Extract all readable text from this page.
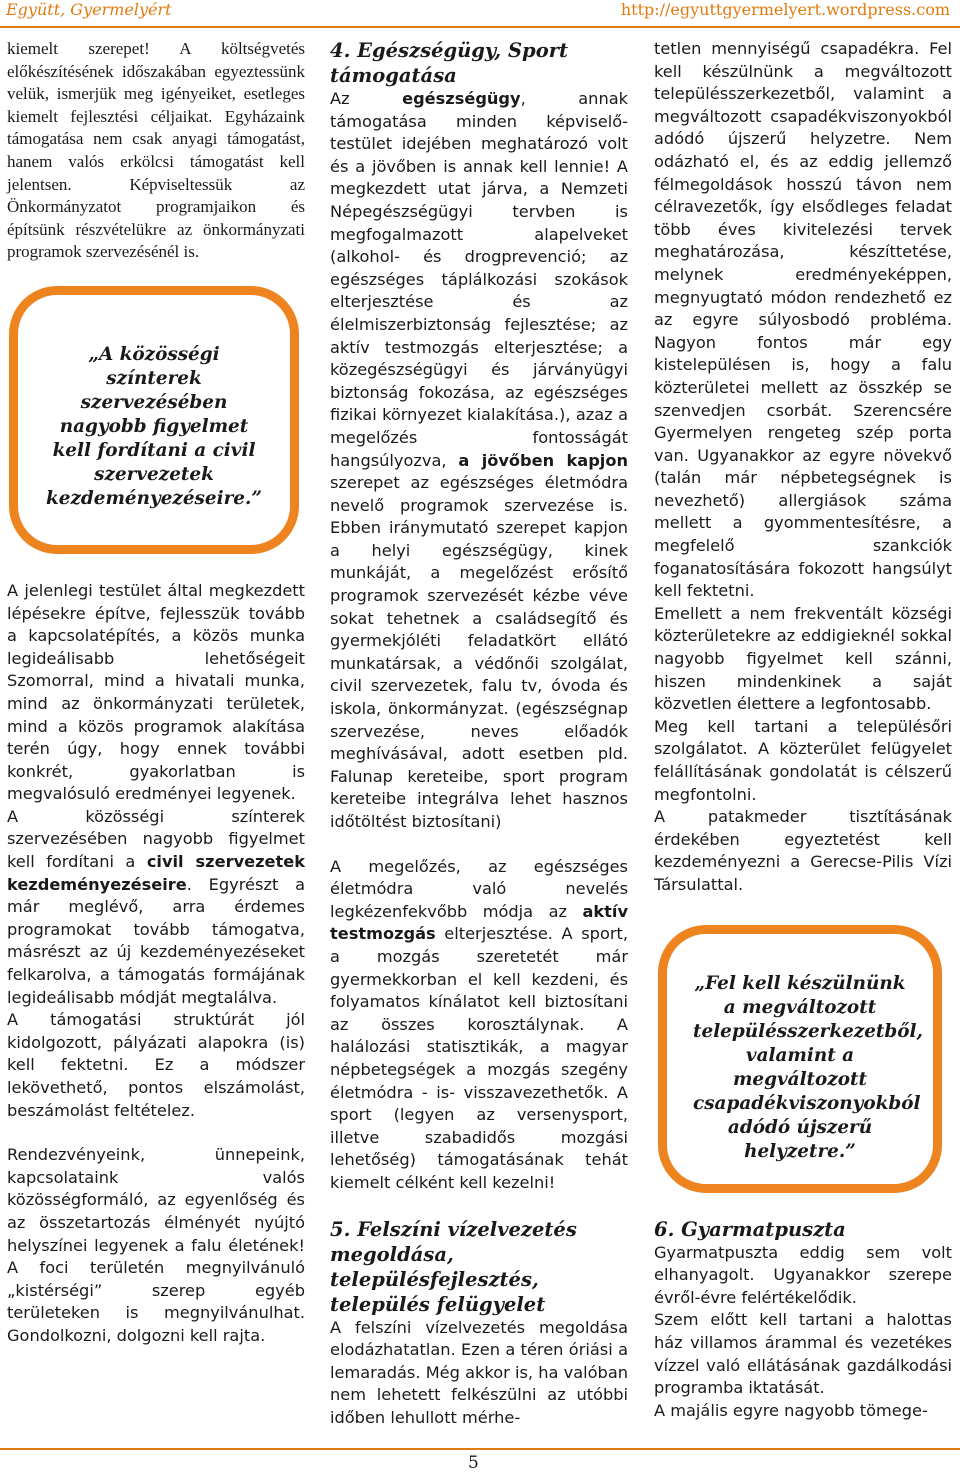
Együtt, Gyermelyért	http://egyuttgyermelyert.wordpress.com

kiemelt szerepet! A költségvetés előkészítésének időszakában egyeztessünk velük, ismerjük meg igényeiket, esetleges kiemelt fejlesztési céljaikat. Egyházaink támogatása nem csak anyagi támogatást, hanem valós erkölcsi támogatást kell jelentsen. Képviseltessük az Önkormányzatot programjaikon és építsünk részvételükre az önkormányzati programok szervezésénél is.

„A közösségi színterek szervezésében nagyobb figyelmet kell fordítani a civil szervezetek kezdeményezéseire.”

A jelenlegi testület által megkezdett lépésekre építve, fejlesszük tovább a kapcsolatépítés, a közös munka legideálisabb lehetőségeit Szomorral, mind a hivatali munka, mind az önkormányzati területek, mind a közös programok alakítása terén úgy, hogy ennek további konkrét, gyakorlatban is megvalósuló eredményei legyenek.

A közösségi színterek szervezésében nagyobb figyelmet kell fordítani a civil szervezetek kezdeményezéseire. Egyrészt a már meglévő, arra érdemes programokat tovább támogatva, másrészt az új kezdeményezéseket felkarolva, a támogatás formájának legideálisabb módját megtalálva.

A támogatási struktúrát jól kidolgozott, pályázati alapokra (is) kell fektetni. Ez a módszer lekövethető, pontos elszámolást, beszámolást feltételez.

Rendezvényeink, ünnepeink, kapcsolataink valós közösségformáló, az egyenlőség és az összetartozás élményét nyújtó helyszínei legyenek a falu életének! A foci területén megnyilvánuló „kistérségi” szerep egyéb területeken is megnyilvánulhat. Gondolkozni, dolgozni kell rajta.

4. Egészségügy, Sport támogatása

Az egészségügy, annak támogatása minden képviselő-testület idejében meghatározó volt és a jövőben is annak kell lennie! A megkezdett utat járva, a Nemzeti Népegészségügyi tervben is megfogalmazott alapelveket (alkohol- és drogprevenció; az egészséges táplálkozási szokások elterjesztése és az élelmiszerbiztonság fejlesztése; az aktív testmozgás elterjesztése; a közegészségügyi és járványügyi biztonság fokozása, az egészséges fizikai környezet kialakítása.), azaz a megelőzés fontosságát hangsúlyozva, a jövőben kapjon szerepet az egészséges életmódra nevelő programok szervezése is. Ebben iránymutató szerepet kapjon a helyi egészségügy, kinek munkáját, a megelőzést erősítő programok szervezését kézbe véve sokat tehetnek a családsegítő és gyermekjóléti feladatkört ellátó munkatársak, a védőnői szolgálat, civil szervezetek, falu tv, óvoda és iskola, önkormányzat. (egészségnap szervezése, neves előadók meghívásával, adott esetben pld. Falunap kereteibe, sport program kereteibe integrálva lehet hasznos időtöltést biztosítani)

A megelőzés, az egészséges életmódra való nevelés legkézenfekvőbb módja az aktív testmozgás elterjesztése. A sport, a mozgás szeretetét már gyermekkorban el kell kezdeni, és folyamatos kínálatot kell biztosítani az összes korosztálynak. A halálozási statisztikák, a magyar népbetegségek a mozgás szegény életmódra - is- visszavezethetők. A sport (legyen az versenysport, illetve szabadidős mozgási lehetőség) támogatásának tehát kiemelt célként kell kezelni!

5. Felszíni vízelvezetés megoldása, településfejlesztés, település felügyelet

A felszíni vízelvezetés megoldása elodázhatatlan. Ezen a téren óriási a lemaradás. Még akkor is, ha valóban nem lehetett felkészülni az utóbbi időben lehullott mérhe-

tetlen mennyiségű csapadékra. Fel kell készülnünk a megváltozott településszerkezetből, valamint a megváltozott csapadékviszonyokból adódó újszerű helyzetre. Nem odázható el, és az eddig jellemző félmegoldások hosszú távon nem célravezetők, így elsődleges feladat több éves kivitelezési tervek meghatározása, készíttetése, melynek eredményeképpen, megnyugtató módon rendezhető ez az egyre súlyosbodó probléma. Nagyon fontos már egy kistelepülésen is, hogy a falu közterületei mellett az összkép se szenvedjen csorbát. Szerencsére Gyermelyen rengeteg szép porta van. Ugyanakkor az egyre növekvő (talán már népbetegségnek is nevezhető) allergiások száma mellett a gyommentesítésre, a megfelelő szankciók foganatosítására fokozott hangsúlyt kell fektetni.

Emellett a nem frekventált községi közterületekre az eddigieknél sokkal nagyobb figyelmet kell szánni, hiszen mindenkinek a saját közvetlen élettere a legfontosabb.

Meg kell tartani a településőri szolgálatot. A közterület felügyelet felállításának gondolatát is célszerű megfontolni.

A patakmeder tisztításának érdekében egyeztetést kell kezdeményezni a Gerecse-Pilis Vízi Társulattal.

„Fel kell készülnünk a megváltozott településszerkezetből, valamint a megváltozott csapadékviszonyokból adódó újszerű helyzetre.”
6. Gyarmatpuszta

Gyarmatpuszta eddig sem volt elhanyagolt. Ugyanakkor szerepe évről-évre felértékelődik.

Szem előtt kell tartani a halottas ház villamos árammal és vezetékes vízzel való ellátásának gazdálkodási programba iktatását.

A majális egyre nagyobb tömege-

5
